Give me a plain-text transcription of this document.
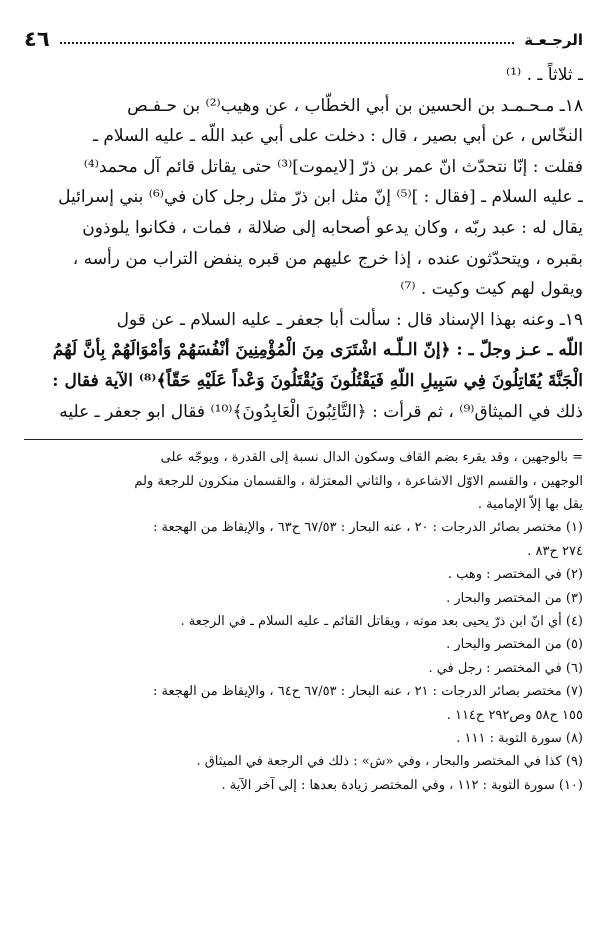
الرجـعـة
٤٦
ـ ثلاثاً ـ . ⁽¹⁾
١٨ـ مـحـمـد بن الحسين بن أبي الخطّاب ، عن وهيب⁽²⁾ بن حـفـص
النخّاس ، عن أبي بصير ، قال : دخلت على أبي عبد اللّه ـ عليه السلام ـ
فقلت : إنّا نتحدّث انّ عمر بن ذرّ [لايموت]⁽³⁾ حتى يقاتل قائم آل محمد⁽⁴⁾
ـ عليه السلام ـ [فقال : ]⁽⁵⁾ إنّ مثل ابن ذرّ مثل رجل كان في⁽⁶⁾ بني إسرائيل
يقال له : عبد ربّه ، وكان يدعو أصحابه إلى ضلالة ، فمات ، فكانوا يلوذون
بقبره ، ويتحدّثون عنده ، إذا خرج عليهم من قبره ينفض التراب من رأسه ،
ويقول لهم كيت وكيت . ⁽⁷⁾
١٩ـ وعنه بهذا الإسناد قال : سألت أبا جعفر ـ عليه السلام ـ عن قول
اللّه ـ عـز وجلّ ـ : ﴿إنّ الـلّـه اشْتَرَى مِنَ الْمُؤْمِنِينَ أنْفُسَهُمْ وَأمْوَالَهُمْ بِأنَّ لَهُمُ
الْجَنَّةَ يُقَاتِلُونَ فِي سَبِيلِ اللّهِ فَيَقْتُلُونَ وَيُقْتَلُونَ وَعْداً عَلَيْهِ حَقّاً﴾⁽⁸⁾ الآية فقال :
ذلك في الميثاق⁽⁹⁾ ، ثم قرأت : ﴿التَّائِبُونَ الْعَابِدُونَ﴾⁽¹⁰⁾ فقال ابو جعفر ـ عليه
= بالوجهين ، وقد يقرء بضم القاف وسكون الدال نسبة إلى القدرة ، ويوجّه على
الوجهين ، والقسم الاوّل الاشاعرة ، والثاني المعتزلة ، والقسمان منكرون للرجعة ولم
يقل بها إلاّ الإمامية .
(١) مختصر بصائر الدرجات : ٢٠ ، عنه البحار : ٦٧/٥٣ ح٦٣ ، والإيقاظ من الهجعة :
٢٧٤ ح٨٣ .
(٢) في المختصر : وهب .
(٣) من المختصر والبحار .
(٤) أي انّ ابن ذرّ يحيى بعد موته ، ويقاتل القائم ـ عليه السلام ـ في الرجعة .
(٥) من المختصر والبحار .
(٦) في المختصر : رجل في .
(٧) مختصر بصائر الدرجات : ٢١ ، عنه البحار : ٦٧/٥٣ ح٦٤ ، والإيقاظ من الهجعة :
١٥٥ ح٥٨ وص٢٩٢ ح١١٤ .
(٨) سورة التوبة : ١١١ .
(٩) كذا في المختصر والبحار ، وفي «ش» : ذلك في الرجعة في الميثاق .
(١٠) سورة التوبة : ١١٢ ، وفي المختصر زيادة بعدها : إلى آخر الآية .
